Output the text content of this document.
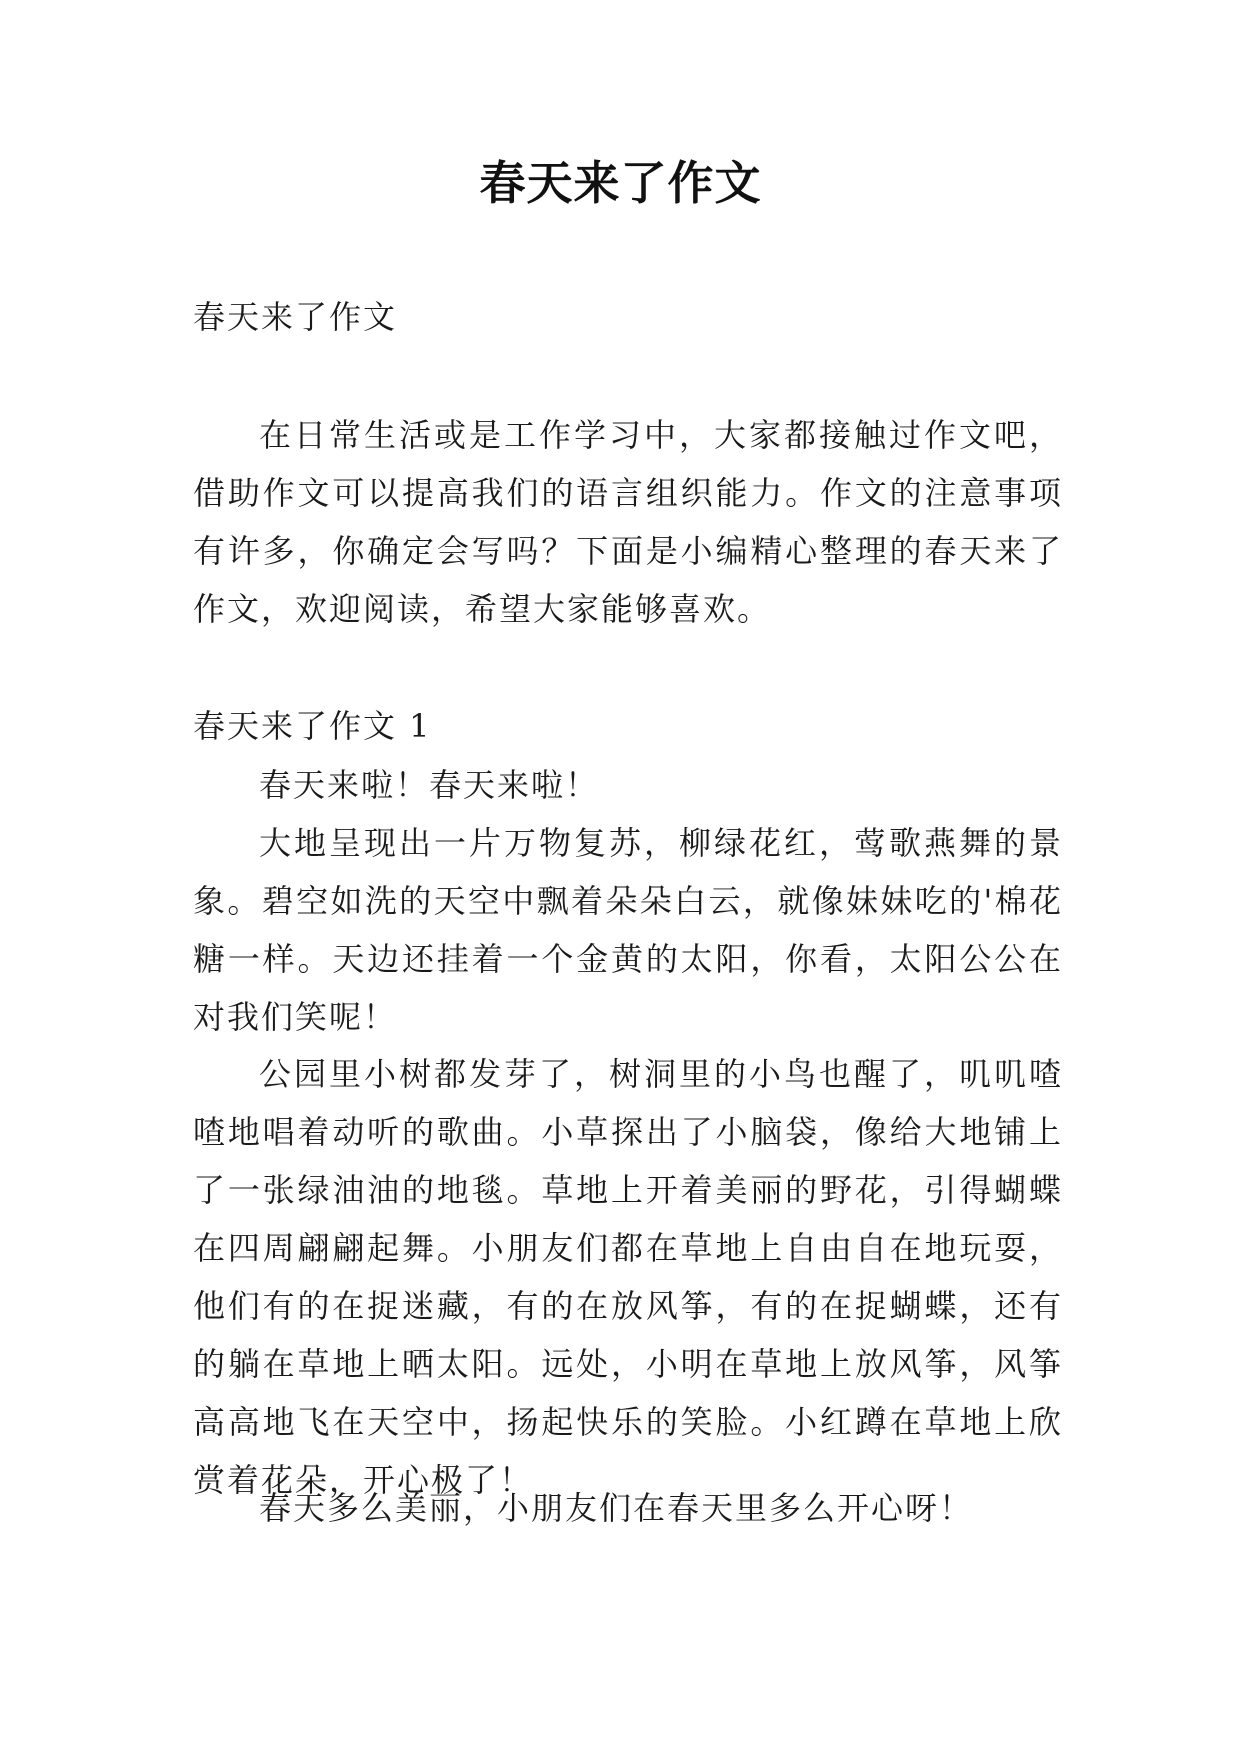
春天来了作文
春天来了作文

在日常生活或是工作学习中，大家都接触过作文吧，借助作文可以提高我们的语言组织能力。作文的注意事项有许多，你确定会写吗？下面是小编精心整理的春天来了作文，欢迎阅读，希望大家能够喜欢。

春天来了作文 1

春天来啦！春天来啦！

大地呈现出一片万物复苏，柳绿花红，莺歌燕舞的景象。碧空如洗的天空中飘着朵朵白云，就像妹妹吃的'棉花糖一样。天边还挂着一个金黄的太阳，你看，太阳公公在对我们笑呢！

公园里小树都发芽了，树洞里的小鸟也醒了，叽叽喳喳地唱着动听的歌曲。小草探出了小脑袋，像给大地铺上了一张绿油油的地毯。草地上开着美丽的野花，引得蝴蝶在四周翩翩起舞。小朋友们都在草地上自由自在地玩耍，他们有的在捉迷藏，有的在放风筝，有的在捉蝴蝶，还有的躺在草地上晒太阳。远处，小明在草地上放风筝，风筝高高地飞在天空中，扬起快乐的笑脸。小红蹲在草地上欣赏着花朵，开心极了！

春天多么美丽，小朋友们在春天里多么开心呀！
